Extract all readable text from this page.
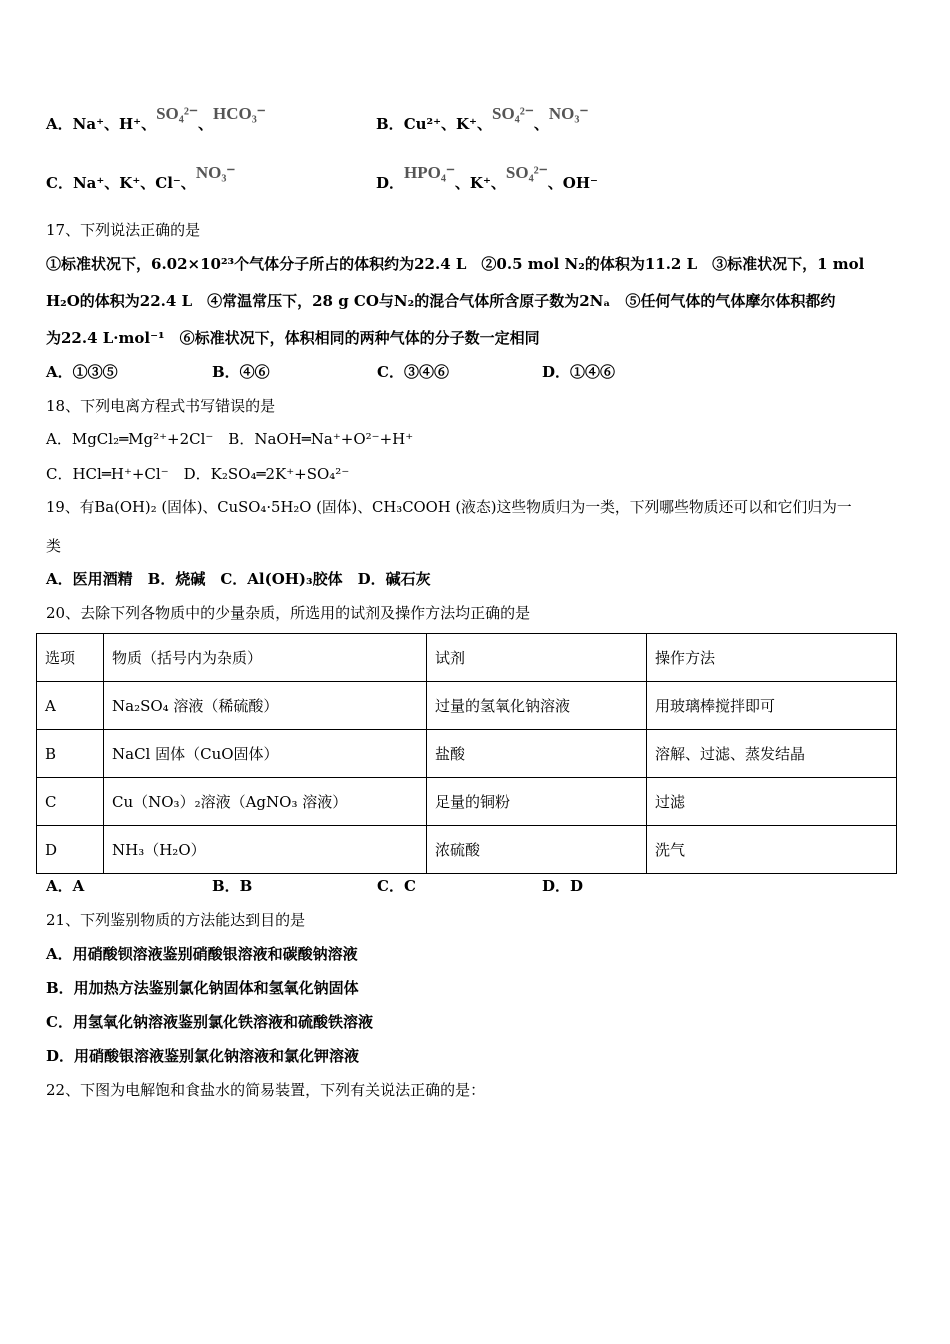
A．Na⁺、H⁺、SO₄²⁻、HCO₃⁻
B．Cu²⁺、K⁺、SO₄²⁻、NO₃⁻
C．Na⁺、K⁺、Cl⁻、NO₃⁻
D．HPO₄⁻、K⁺、SO₄²⁻、OH⁻
17、下列说法正确的是
①标准状况下，6.02×10²³个气体分子所占的体积约为22.4 L　②0.5 mol N₂的体积为11.2 L　③标准状况下，1 mol
H₂O的体积为22.4 L　④常温常压下，28 g CO与N₂的混合气体所含原子数为2Nₐ　⑤任何气体的气体摩尔体积都约
为22.4 L·mol⁻¹　⑥标准状况下，体积相同的两种气体的分子数一定相同
A．①③⑤	B．④⑥	C．③④⑥	D．①④⑥
18、下列电离方程式书写错误的是
A．MgCl₂═Mg²⁺+2Cl⁻　B．NaOH═Na⁺+O²⁻+H⁺
C．HCl═H⁺+Cl⁻　D．K₂SO₄═2K⁺+SO₄²⁻
19、有Ba(OH)₂ (固体)、CuSO₄·5H₂O (固体)、CH₃COOH (液态)这些物质归为一类，下列哪些物质还可以和它们归为一
类
A．医用酒精　B．烧碱　C．Al(OH)₃胶体　D．碱石灰
20、去除下列各物质中的少量杂质，所选用的试剂及操作方法均正确的是
选项	物质（括号内为杂质）	试剂	操作方法
A	Na₂SO₄ 溶液（稀硫酸）	过量的氢氧化钠溶液	用玻璃棒搅拌即可
B	NaCl 固体（CuO固体）	盐酸	溶解、过滤、蒸发结晶
C	Cu（NO₃）₂溶液（AgNO₃ 溶液）	足量的铜粉	过滤
D	NH₃（H₂O）	浓硫酸	洗气
A．A	B．B	C．C	D．D
21、下列鉴别物质的方法能达到目的是
A．用硝酸钡溶液鉴别硝酸银溶液和碳酸钠溶液
B．用加热方法鉴别氯化钠固体和氢氧化钠固体
C．用氢氧化钠溶液鉴别氯化铁溶液和硫酸铁溶液
D．用硝酸银溶液鉴别氯化钠溶液和氯化钾溶液
22、下图为电解饱和食盐水的简易装置，下列有关说法正确的是：
